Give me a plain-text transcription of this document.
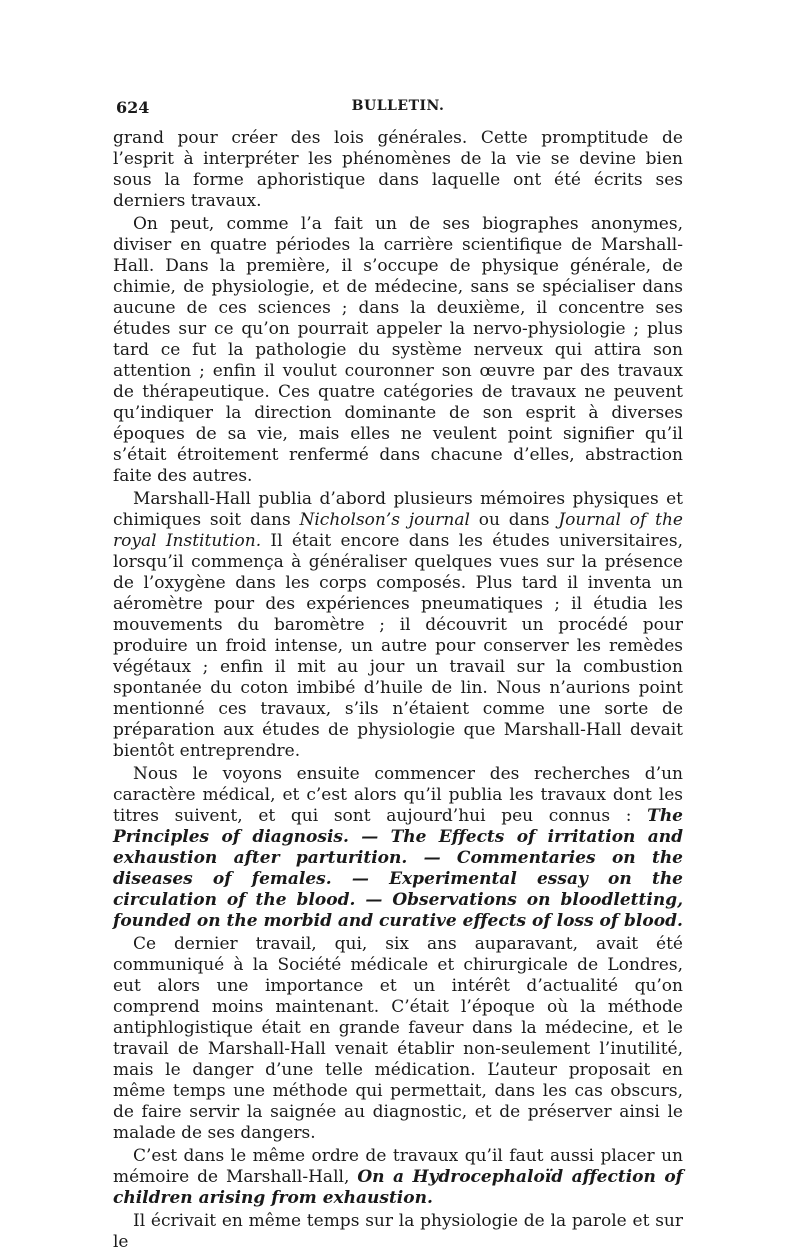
624	BULLETIN.

grand pour créer des lois générales. Cette promptitude de l’esprit à interpréter les phénomènes de la vie se devine bien sous la forme aphoristique dans laquelle ont été écrits ses derniers travaux.

On peut, comme l’a fait un de ses biographes anonymes, diviser en quatre périodes la carrière scientifique de Marshall-Hall. Dans la première, il s’occupe de physique générale, de chimie, de physiologie, et de médecine, sans se spécialiser dans aucune de ces sciences ; dans la deuxième, il concentre ses études sur ce qu’on pourrait appeler la nervo-physiologie ; plus tard ce fut la pathologie du système nerveux qui attira son attention ; enfin il voulut couronner son œuvre par des travaux de thérapeutique. Ces quatre catégories de travaux ne peuvent qu’indiquer la direction dominante de son esprit à diverses époques de sa vie, mais elles ne veulent point signifier qu’il s’était étroitement renfermé dans chacune d’elles, abstraction faite des autres.

Marshall-Hall publia d’abord plusieurs mémoires physiques et chimiques soit dans Nicholson’s journal ou dans Journal of the royal Institution. Il était encore dans les études universitaires, lorsqu’il commença à généraliser quelques vues sur la présence de l’oxygène dans les corps composés. Plus tard il inventa un aéromètre pour des expériences pneumatiques ; il étudia les mouvements du baromètre ; il découvrit un procédé pour produire un froid intense, un autre pour conserver les remèdes végétaux ; enfin il mit au jour un travail sur la combustion spontanée du coton imbibé d’huile de lin. Nous n’aurions point mentionné ces travaux, s’ils n’étaient comme une sorte de préparation aux études de physiologie que Marshall-Hall devait bientôt entreprendre.

Nous le voyons ensuite commencer des recherches d’un caractère médical, et c’est alors qu’il publia les travaux dont les titres suivent, et qui sont aujourd’hui peu connus : The Principles of diagnosis. — The Effects of irritation and exhaustion after parturition. — Commentaries on the diseases of females. — Experimental essay on the circulation of the blood. — Observations on bloodletting, founded on the morbid and curative effects of loss of blood.

Ce dernier travail, qui, six ans auparavant, avait été communiqué à la Société médicale et chirurgicale de Londres, eut alors une importance et un intérêt d’actualité qu’on comprend moins maintenant. C’était l’époque où la méthode antiphlogistique était en grande faveur dans la médecine, et le travail de Marshall-Hall venait établir non-seulement l’inutilité, mais le danger d’une telle médication. L’auteur proposait en même temps une méthode qui permettait, dans les cas obscurs, de faire servir la saignée au diagnostic, et de préserver ainsi le malade de ses dangers.

C’est dans le même ordre de travaux qu’il faut aussi placer un mémoire de Marshall-Hall, On a Hydrocephaloïd affection of children arising from exhaustion.

Il écrivait en même temps sur la physiologie de la parole et sur le
